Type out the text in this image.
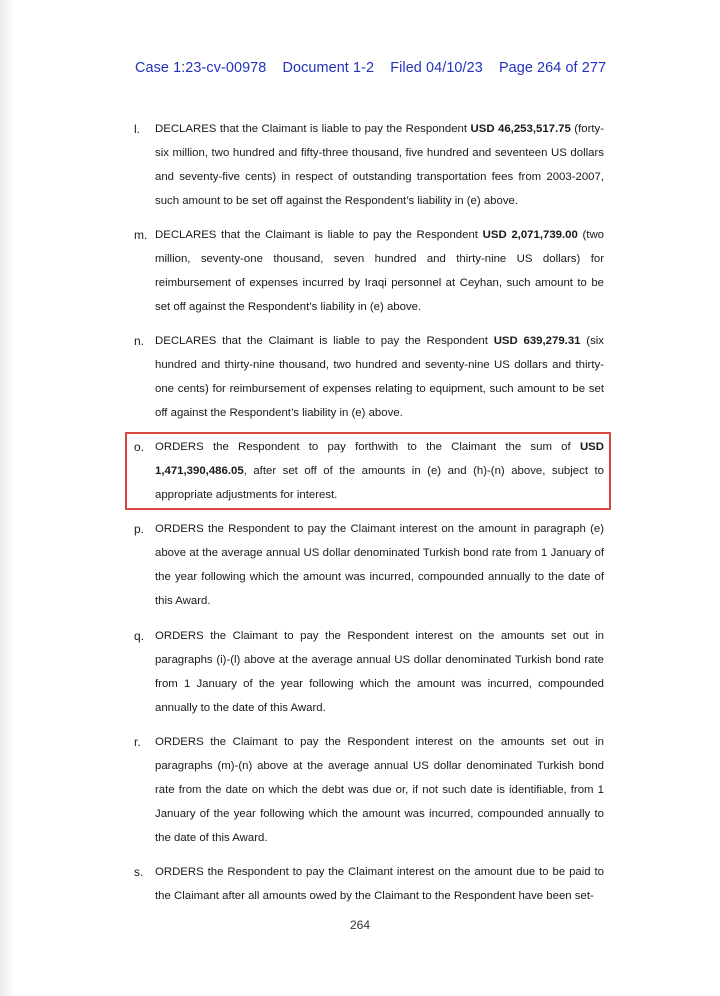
Case 1:23-cv-00978 Document 1-2 Filed 04/10/23 Page 264 of 277
l. DECLARES that the Claimant is liable to pay the Respondent USD 46,253,517.75 (forty-six million, two hundred and fifty-three thousand, five hundred and seventeen US dollars and seventy-five cents) in respect of outstanding transportation fees from 2003-2007, such amount to be set off against the Respondent’s liability in (e) above.
m. DECLARES that the Claimant is liable to pay the Respondent USD 2,071,739.00 (two million, seventy-one thousand, seven hundred and thirty-nine US dollars) for reimbursement of expenses incurred by Iraqi personnel at Ceyhan, such amount to be set off against the Respondent’s liability in (e) above.
n. DECLARES that the Claimant is liable to pay the Respondent USD 639,279.31 (six hundred and thirty-nine thousand, two hundred and seventy-nine US dollars and thirty-one cents) for reimbursement of expenses relating to equipment, such amount to be set off against the Respondent’s liability in (e) above.
o. ORDERS the Respondent to pay forthwith to the Claimant the sum of USD 1,471,390,486.05, after set off of the amounts in (e) and (h)-(n) above, subject to appropriate adjustments for interest.
p. ORDERS the Respondent to pay the Claimant interest on the amount in paragraph (e) above at the average annual US dollar denominated Turkish bond rate from 1 January of the year following which the amount was incurred, compounded annually to the date of this Award.
q. ORDERS the Claimant to pay the Respondent interest on the amounts set out in paragraphs (i)-(l) above at the average annual US dollar denominated Turkish bond rate from 1 January of the year following which the amount was incurred, compounded annually to the date of this Award.
r. ORDERS the Claimant to pay the Respondent interest on the amounts set out in paragraphs (m)-(n) above at the average annual US dollar denominated Turkish bond rate from the date on which the debt was due or, if not such date is identifiable, from 1 January of the year following which the amount was incurred, compounded annually to the date of this Award.
s. ORDERS the Respondent to pay the Claimant interest on the amount due to be paid to the Claimant after all amounts owed by the Claimant to the Respondent have been set-
264
